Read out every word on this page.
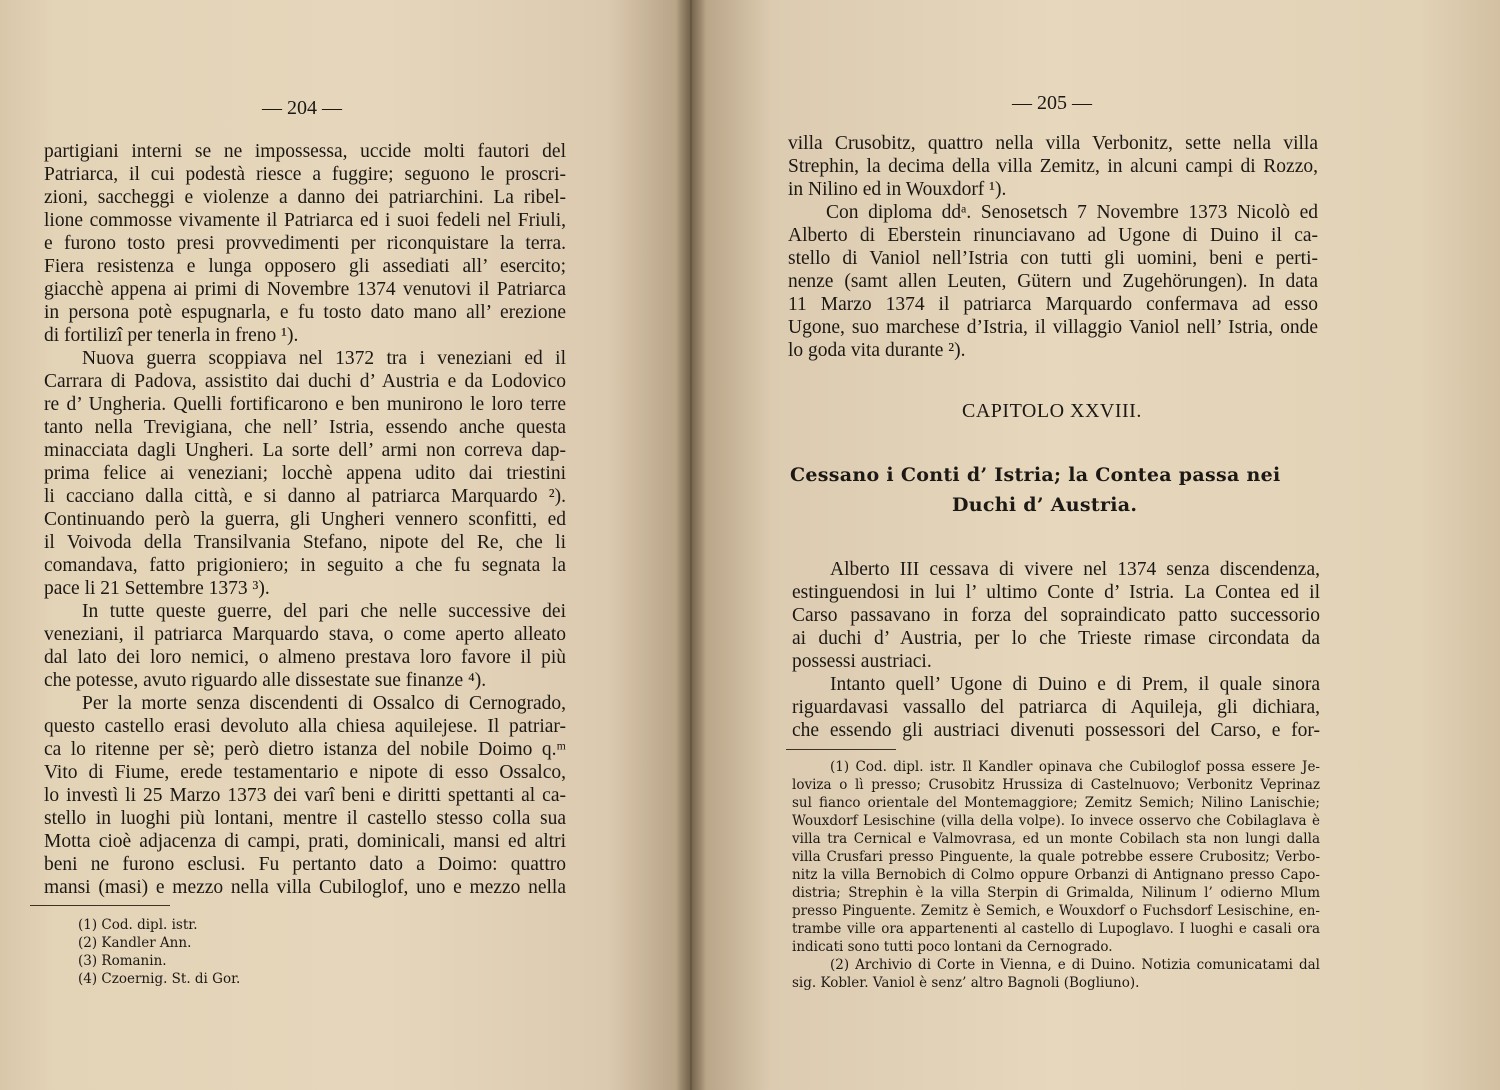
— 204 —
partigiani interni se ne impossessa, uccide molti fautori del
Patriarca, il cui podestà riesce a fuggire; seguono le proscri-
zioni, saccheggi e violenze a danno dei patriarchini. La ribel-
lione commosse vivamente il Patriarca ed i suoi fedeli nel Friuli,
e furono tosto presi provvedimenti per riconquistare la terra.
Fiera resistenza e lunga opposero gli assediati all’ esercito;
giacchè appena ai primi di Novembre 1374 venutovi il Patriarca
in persona potè espugnarla, e fu tosto dato mano all’ erezione
di fortilizî per tenerla in freno ¹).
Nuova guerra scoppiava nel 1372 tra i veneziani ed il
Carrara di Padova, assistito dai duchi d’ Austria e da Lodovico
re d’ Ungheria. Quelli fortificarono e ben munirono le loro terre
tanto nella Trevigiana, che nell’ Istria, essendo anche questa
minacciata dagli Ungheri. La sorte dell’ armi non correva dap-
prima felice ai veneziani; locchè appena udito dai triestini
li cacciano dalla città, e si danno al patriarca Marquardo ²).
Continuando però la guerra, gli Ungheri vennero sconfitti, ed
il Voivoda della Transilvania Stefano, nipote del Re, che li
comandava, fatto prigioniero; in seguito a che fu segnata la
pace li 21 Settembre 1373 ³).
In tutte queste guerre, del pari che nelle successive dei
veneziani, il patriarca Marquardo stava, o come aperto alleato
dal lato dei loro nemici, o almeno prestava loro favore il più
che potesse, avuto riguardo alle dissestate sue finanze ⁴).
Per la morte senza discendenti di Ossalco di Cernogrado,
questo castello erasi devoluto alla chiesa aquilejese. Il patriar-
ca lo ritenne per sè; però dietro istanza del nobile Doimo q.ᵐ
Vito di Fiume, erede testamentario e nipote di esso Ossalco,
lo investì li 25 Marzo 1373 dei varî beni e diritti spettanti al ca-
stello in luoghi più lontani, mentre il castello stesso colla sua
Motta cioè adjacenza di campi, prati, dominicali, mansi ed altri
beni ne furono esclusi. Fu pertanto dato a Doimo: quattro
mansi (masi) e mezzo nella villa Cubiloglof, uno e mezzo nella
(1) Cod. dipl. istr.
(2) Kandler Ann.
(3) Romanin.
(4) Czoernig. St. di Gor.
— 205 —
villa Crusobitz, quattro nella villa Verbonitz, sette nella villa
Strephin, la decima della villa Zemitz, in alcuni campi di Rozzo,
in Nilino ed in Wouxdorf ¹).
Con diploma ddᵃ. Senosetsch 7 Novembre 1373 Nicolò ed
Alberto di Eberstein rinunciavano ad Ugone di Duino il ca-
stello di Vaniol nell’Istria con tutti gli uomini, beni e perti-
nenze (samt allen Leuten, Gütern und Zugehörungen). In data
11 Marzo 1374 il patriarca Marquardo confermava ad esso
Ugone, suo marchese d’Istria, il villaggio Vaniol nell’ Istria, onde
lo goda vita durante ²).
CAPITOLO XXVIII.
Cessano i Conti d’ Istria; la Contea passa nei
Duchi d’ Austria.
Alberto III cessava di vivere nel 1374 senza discendenza,
estinguendosi in lui l’ ultimo Conte d’ Istria. La Contea ed il
Carso passavano in forza del sopraindicato patto successorio
ai duchi d’ Austria, per lo che Trieste rimase circondata da
possessi austriaci.
Intanto quell’ Ugone di Duino e di Prem, il quale sinora
riguardavasi vassallo del patriarca di Aquileja, gli dichiara,
che essendo gli austriaci divenuti possessori del Carso, e for-
(1) Cod. dipl. istr. Il Kandler opinava che Cubiloglof possa essere Je-
loviza o lì presso; Crusobitz Hrussiza di Castelnuovo; Verbonitz Veprinaz
sul fianco orientale del Montemaggiore; Zemitz Semich; Nilino Lanischie;
Wouxdorf Lesischine (villa della volpe). Io invece osservo che Cobilaglava è
villa tra Cernical e Valmovrasa, ed un monte Cobilach sta non lungi dalla
villa Crusfari presso Pinguente, la quale potrebbe essere Crubositz; Verbo-
nitz la villa Bernobich di Colmo oppure Orbanzi di Antignano presso Capo-
distria; Strephin è la villa Sterpin di Grimalda, Nilinum l’ odierno Mlum
presso Pinguente. Zemitz è Semich, e Wouxdorf o Fuchsdorf Lesischine, en-
trambe ville ora appartenenti al castello di Lupoglavo. I luoghi e casali ora
indicati sono tutti poco lontani da Cernogrado.
(2) Archivio di Corte in Vienna, e di Duino. Notizia comunicatami dal
sig. Kobler. Vaniol è senz’ altro Bagnoli (Bogliuno).
